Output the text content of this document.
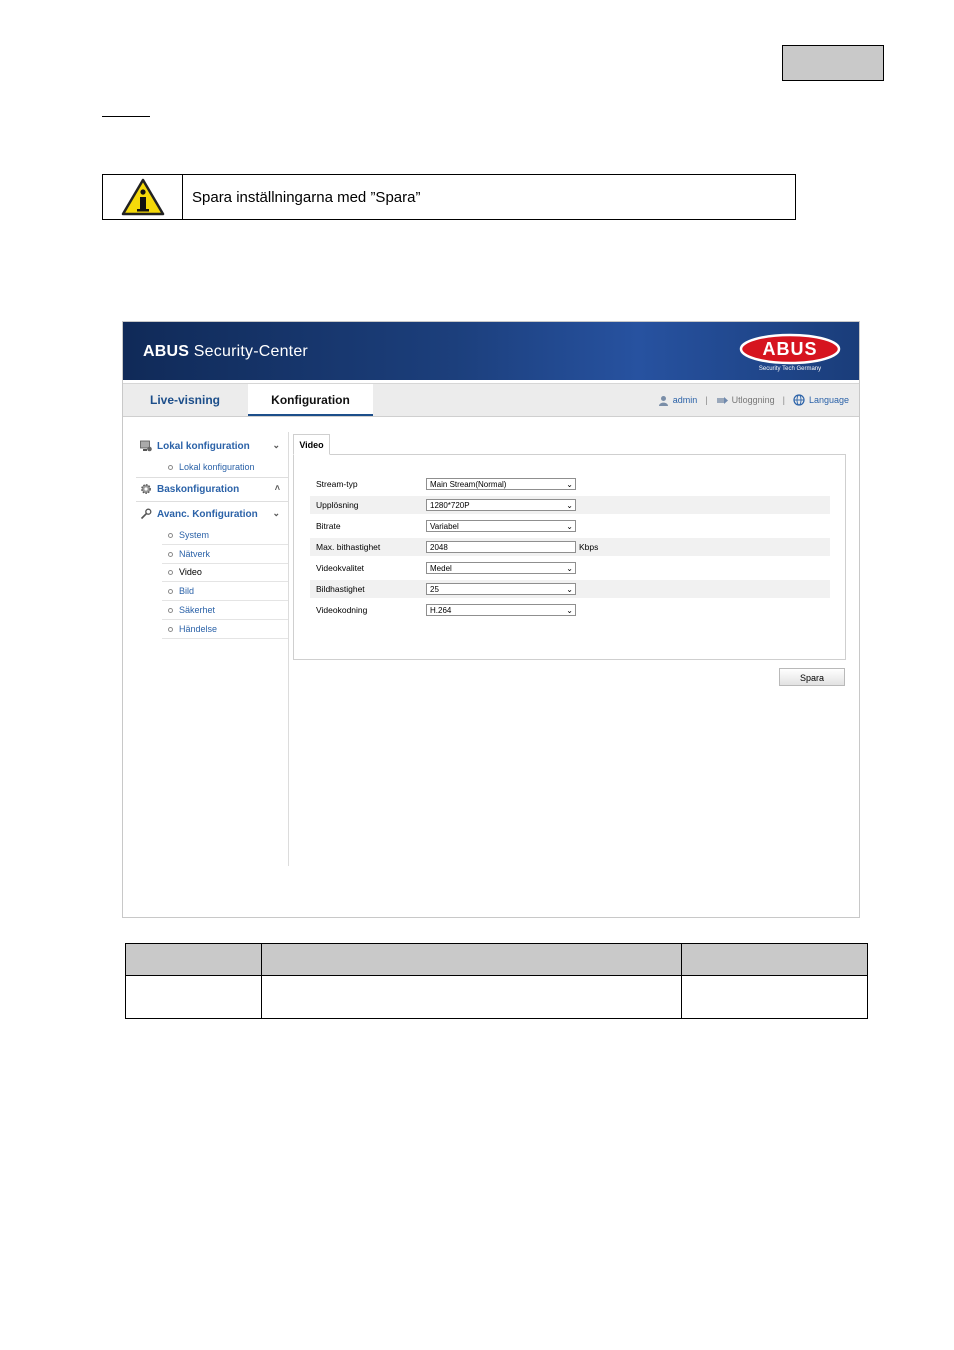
Spara inställningarna med ”Spara”
ABUS Security-Center	ABUS
Security Tech Germany
Live-visning	Konfiguration	admin |	Utloggning |	Language
Lokal konfiguration	⌄
Lokal konfiguration
Baskonfiguration	˄
Avanc. Konfiguration ⌄
System
Nätverk
Video
Bild
Säkerhet
Händelse
Video
Stream-typ	Main Stream(Normal)	⌄
Upplösning	1280*720P	⌄
Bitrate	Variabel	⌄
Max. bithastighet	2048	Kbps
Videokvalitet	Medel	⌄
Bildhastighet	25	⌄
Videokodning	H.264	⌄
Spara
